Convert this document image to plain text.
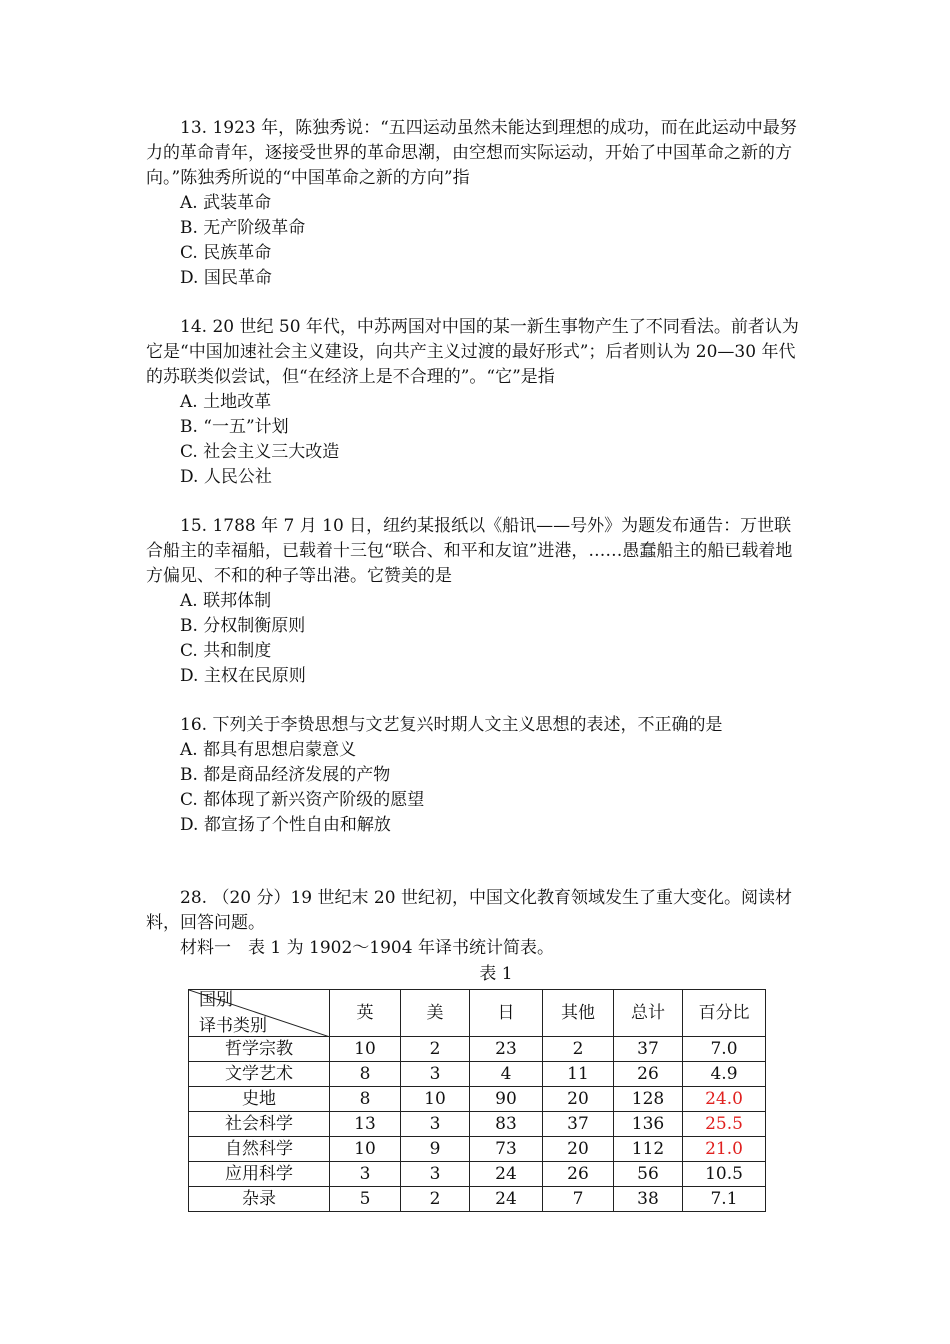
13. 1923 年，陈独秀说：“五四运动虽然未能达到理想的成功，而在此运动中最努力的革命青年，逐接受世界的革命思潮，由空想而实际运动，开始了中国革命之新的方向。”陈独秀所说的“中国革命之新的方向”指

A. 武装革命

B. 无产阶级革命

C. 民族革命

D. 国民革命

14. 20 世纪 50 年代，中苏两国对中国的某一新生事物产生了不同看法。前者认为它是“中国加速社会主义建设，向共产主义过渡的最好形式”；后者则认为 20—30 年代的苏联类似尝试，但“在经济上是不合理的”。“它”是指

A. 土地改革

B. “一五”计划

C. 社会主义三大改造

D. 人民公社

15. 1788 年 7 月 10 日，纽约某报纸以《船讯——号外》为题发布通告：万世联合船主的幸福船，已载着十三包“联合、和平和友谊”进港，……愚蠢船主的船已载着地方偏见、不和的种子等出港。它赞美的是

A. 联邦体制

B. 分权制衡原则

C. 共和制度

D. 主权在民原则

16. 下列关于李贽思想与文艺复兴时期人文主义思想的表述，不正确的是

A. 都具有思想启蒙意义

B. 都是商品经济发展的产物

C. 都体现了新兴资产阶级的愿望

D. 都宣扬了个性自由和解放

28. （20 分）19 世纪末 20 世纪初，中国文化教育领域发生了重大变化。阅读材料，回答问题。

材料一　表 1 为 1902～1904 年译书统计简表。

表 1
国别
译书类别	英	美	日	其他	总计	百分比
哲学宗教	10	2	23	2	37	7.0
文学艺术	8	3	4	11	26	4.9
史地	8	10	90	20	128	24.0
社会科学	13	3	83	37	136	25.5
自然科学	10	9	73	20	112	21.0
应用科学	3	3	24	26	56	10.5
杂录	5	2	24	7	38	7.1
